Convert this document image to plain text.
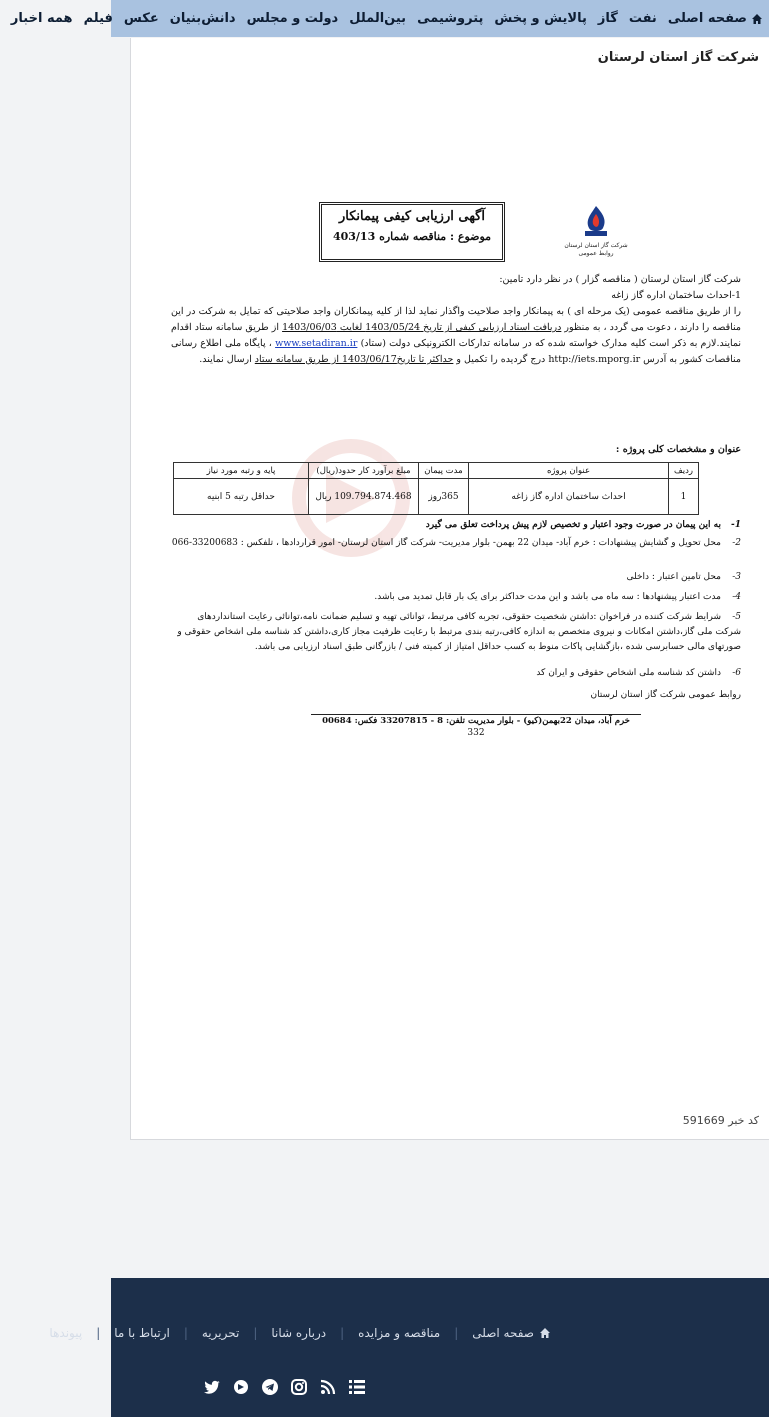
صفحه اصلی
نفت
گاز
پالایش و پخش
پتروشیمی
بین‌الملل
دولت و مجلس
دانش‌بنیان
عکس
فیلم
همه اخبار
شرکت گاز استان لرستان
شرکت گاز استان لرستان
روابط عمومی
آگهی ارزیابی کیفی پیمانکار
موضوع : مناقصه شماره 403/13
شرکت گاز استان لرستان ( مناقصه گزار ) در نظر دارد تامین:
1-احداث ساختمان اداره گاز زاغه
را از طریق مناقصه عمومی (یک مرحله ای ) به پیمانکار واجد صلاحیت واگذار نماید لذا از کلیه پیمانکاران واجد صلاحیتی که تمایل به شرکت در این مناقصه را دارند ، دعوت می گردد ، به منظور دریافت اسناد ارزیابی کیفی از تاریخ 1403/05/24 لغایت 1403/06/03 از طریق سامانه ستاد اقدام نمایند.لازم به ذکر است کلیه مدارک خواسته شده که در سامانه تدارکات الکترونیکی دولت (ستاد) www.setadiran.ir ، پایگاه ملی اطلاع رسانی مناقصات کشور به آدرس http://iets.mporg.ir درج گردیده را تکمیل و حداکثر تا تاریخ1403/06/17 از طریق سامانه ستاد ارسال نمایند.
عنوان و مشخصات کلی پروژه :
ردیف	عنوان پروژه	مدت پیمان	مبلغ برآورد کار حدود(ریال)	پایه و رتبه مورد نیاز
1	احداث ساختمان اداره گاز زاغه	365روز	109.794.874.468 ریال	حداقل رتبه 5 ابنیه
1-به این پیمان در صورت وجود اعتبار و تخصیص لازم پیش پرداخت تعلق می گیرد
2-محل تحویل و گشایش پیشنهادات : خرم آباد- میدان 22 بهمن- بلوار مدیریت- شرکت گاز استان لرستان- امور قراردادها ، تلفکس : 33200683-066
3-محل تامین اعتبار : داخلی
4-مدت اعتبار پیشنهادها : سه ماه می باشد و این مدت حداکثر برای یک بار قابل تمدید می باشد.
5-شرایط شرکت کننده در فراخوان :داشتن شخصیت حقوقی، تجربه کافی مرتبط، توانائی تهیه و تسلیم ضمانت نامه،توانائی رعایت استانداردهای شرکت ملی گاز،داشتن امکانات و نیروی متخصص به اندازه کافی،رتبه بندی مرتبط با رعایت ظرفیت مجاز کاری،داشتن کد شناسه ملی اشخاص حقوقی و صورتهای مالی حسابرسی شده ،بازگشایی پاکات منوط به کسب حداقل امتیاز از کمیته فنی / بازرگانی طبق اسناد ارزیابی می باشد.
6-داشتن کد شناسه ملی اشخاص حقوقی و ایران کد
روابط عمومی شرکت گاز استان لرستان
خرم آباد، میدان 22بهمن(کیو) - بلوار مدیریت تلفن: 8 - 33207815 فکس: 00684
332
کد خبر 591669
صفحه اصلی
|
مناقصه و مزایده
|
درباره شانا
|
تحریریه
|
ارتباط با ما
|
پیوندها
